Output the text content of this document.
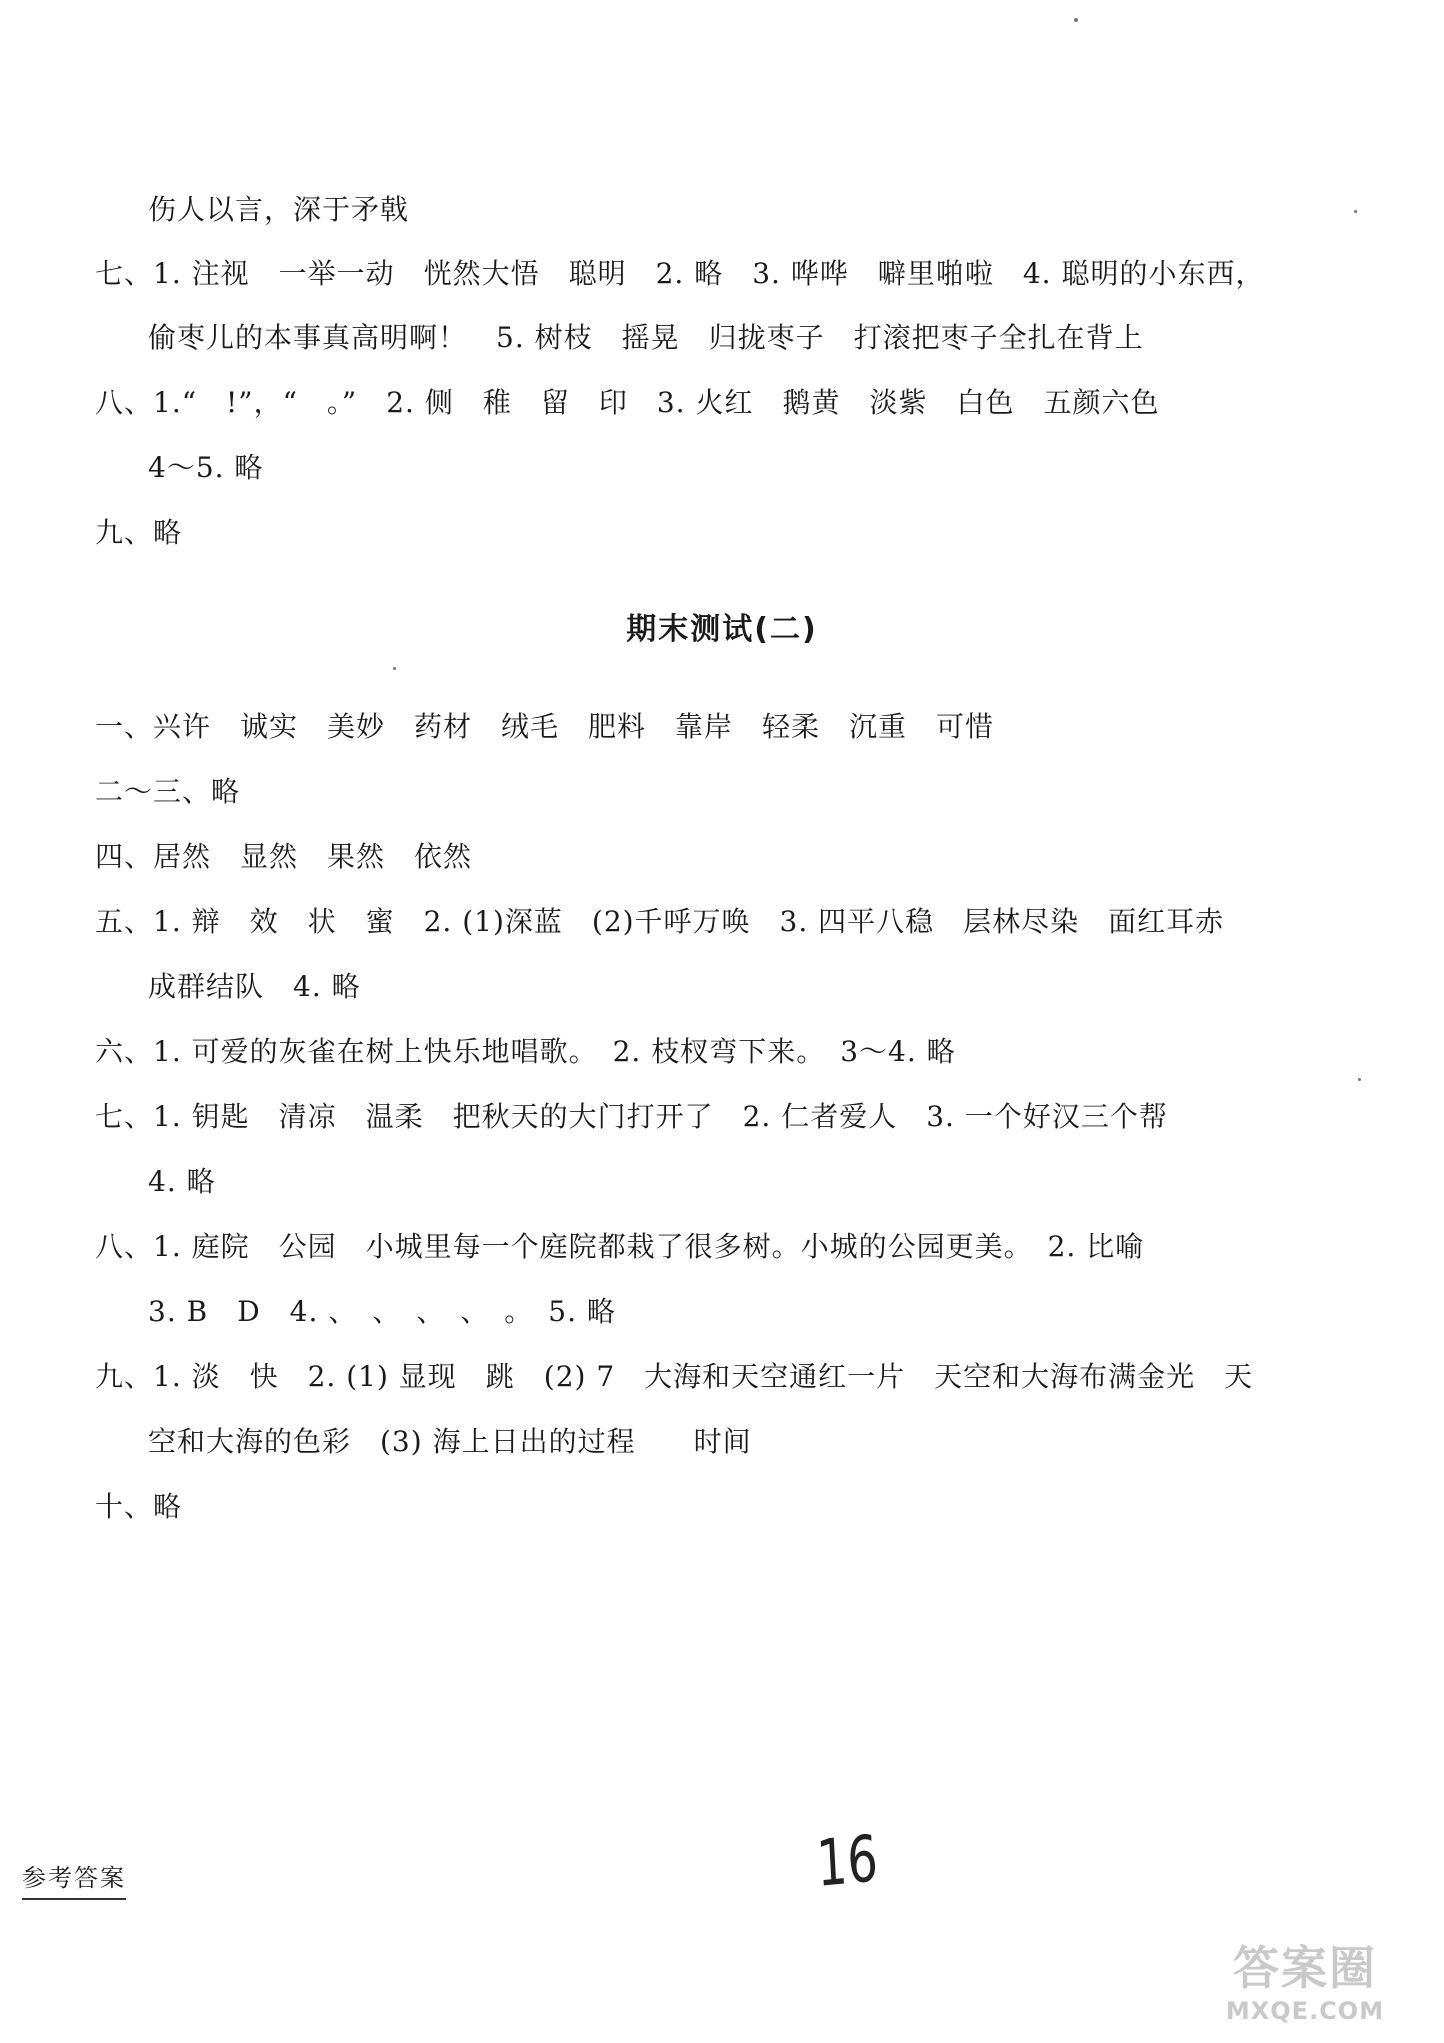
伤人以言，深于矛戟
七、1. 注视　一举一动　恍然大悟　聪明　2. 略　3. 哗哗　噼里啪啦　4. 聪明的小东西，
偷枣儿的本事真高明啊！　5. 树枝　摇晃　归拢枣子　打滚把枣子全扎在背上
八、1.“　!”，“　。”　2. 侧　稚　留　印　3. 火红　鹅黄　淡紫　白色　五颜六色
4～5. 略
九、略
期末测试(二)
一、兴许　诚实　美妙　药材　绒毛　肥料　靠岸　轻柔　沉重　可惜
二～三、略
四、居然　显然　果然　依然
五、1. 辩　效　状　蜜　2. (1)深蓝　(2)千呼万唤　3. 四平八稳　层林尽染　面红耳赤
成群结队　4. 略
六、1. 可爱的灰雀在树上快乐地唱歌。　2. 枝杈弯下来。　3～4. 略
七、1. 钥匙　清凉　温柔　把秋天的大门打开了　2. 仁者爱人　3. 一个好汉三个帮
4. 略
八、1. 庭院　公园　小城里每一个庭院都栽了很多树。小城的公园更美。　2. 比喻
3. B　D　4. 、　、　、　、　。　5. 略
九、1. 淡　快　2. (1) 显现　跳　(2) 7　大海和天空通红一片　天空和大海布满金光　天
空和大海的色彩　(3) 海上日出的过程　　时间
十、略
参考答案	16
答案圈
MXQE.COM
